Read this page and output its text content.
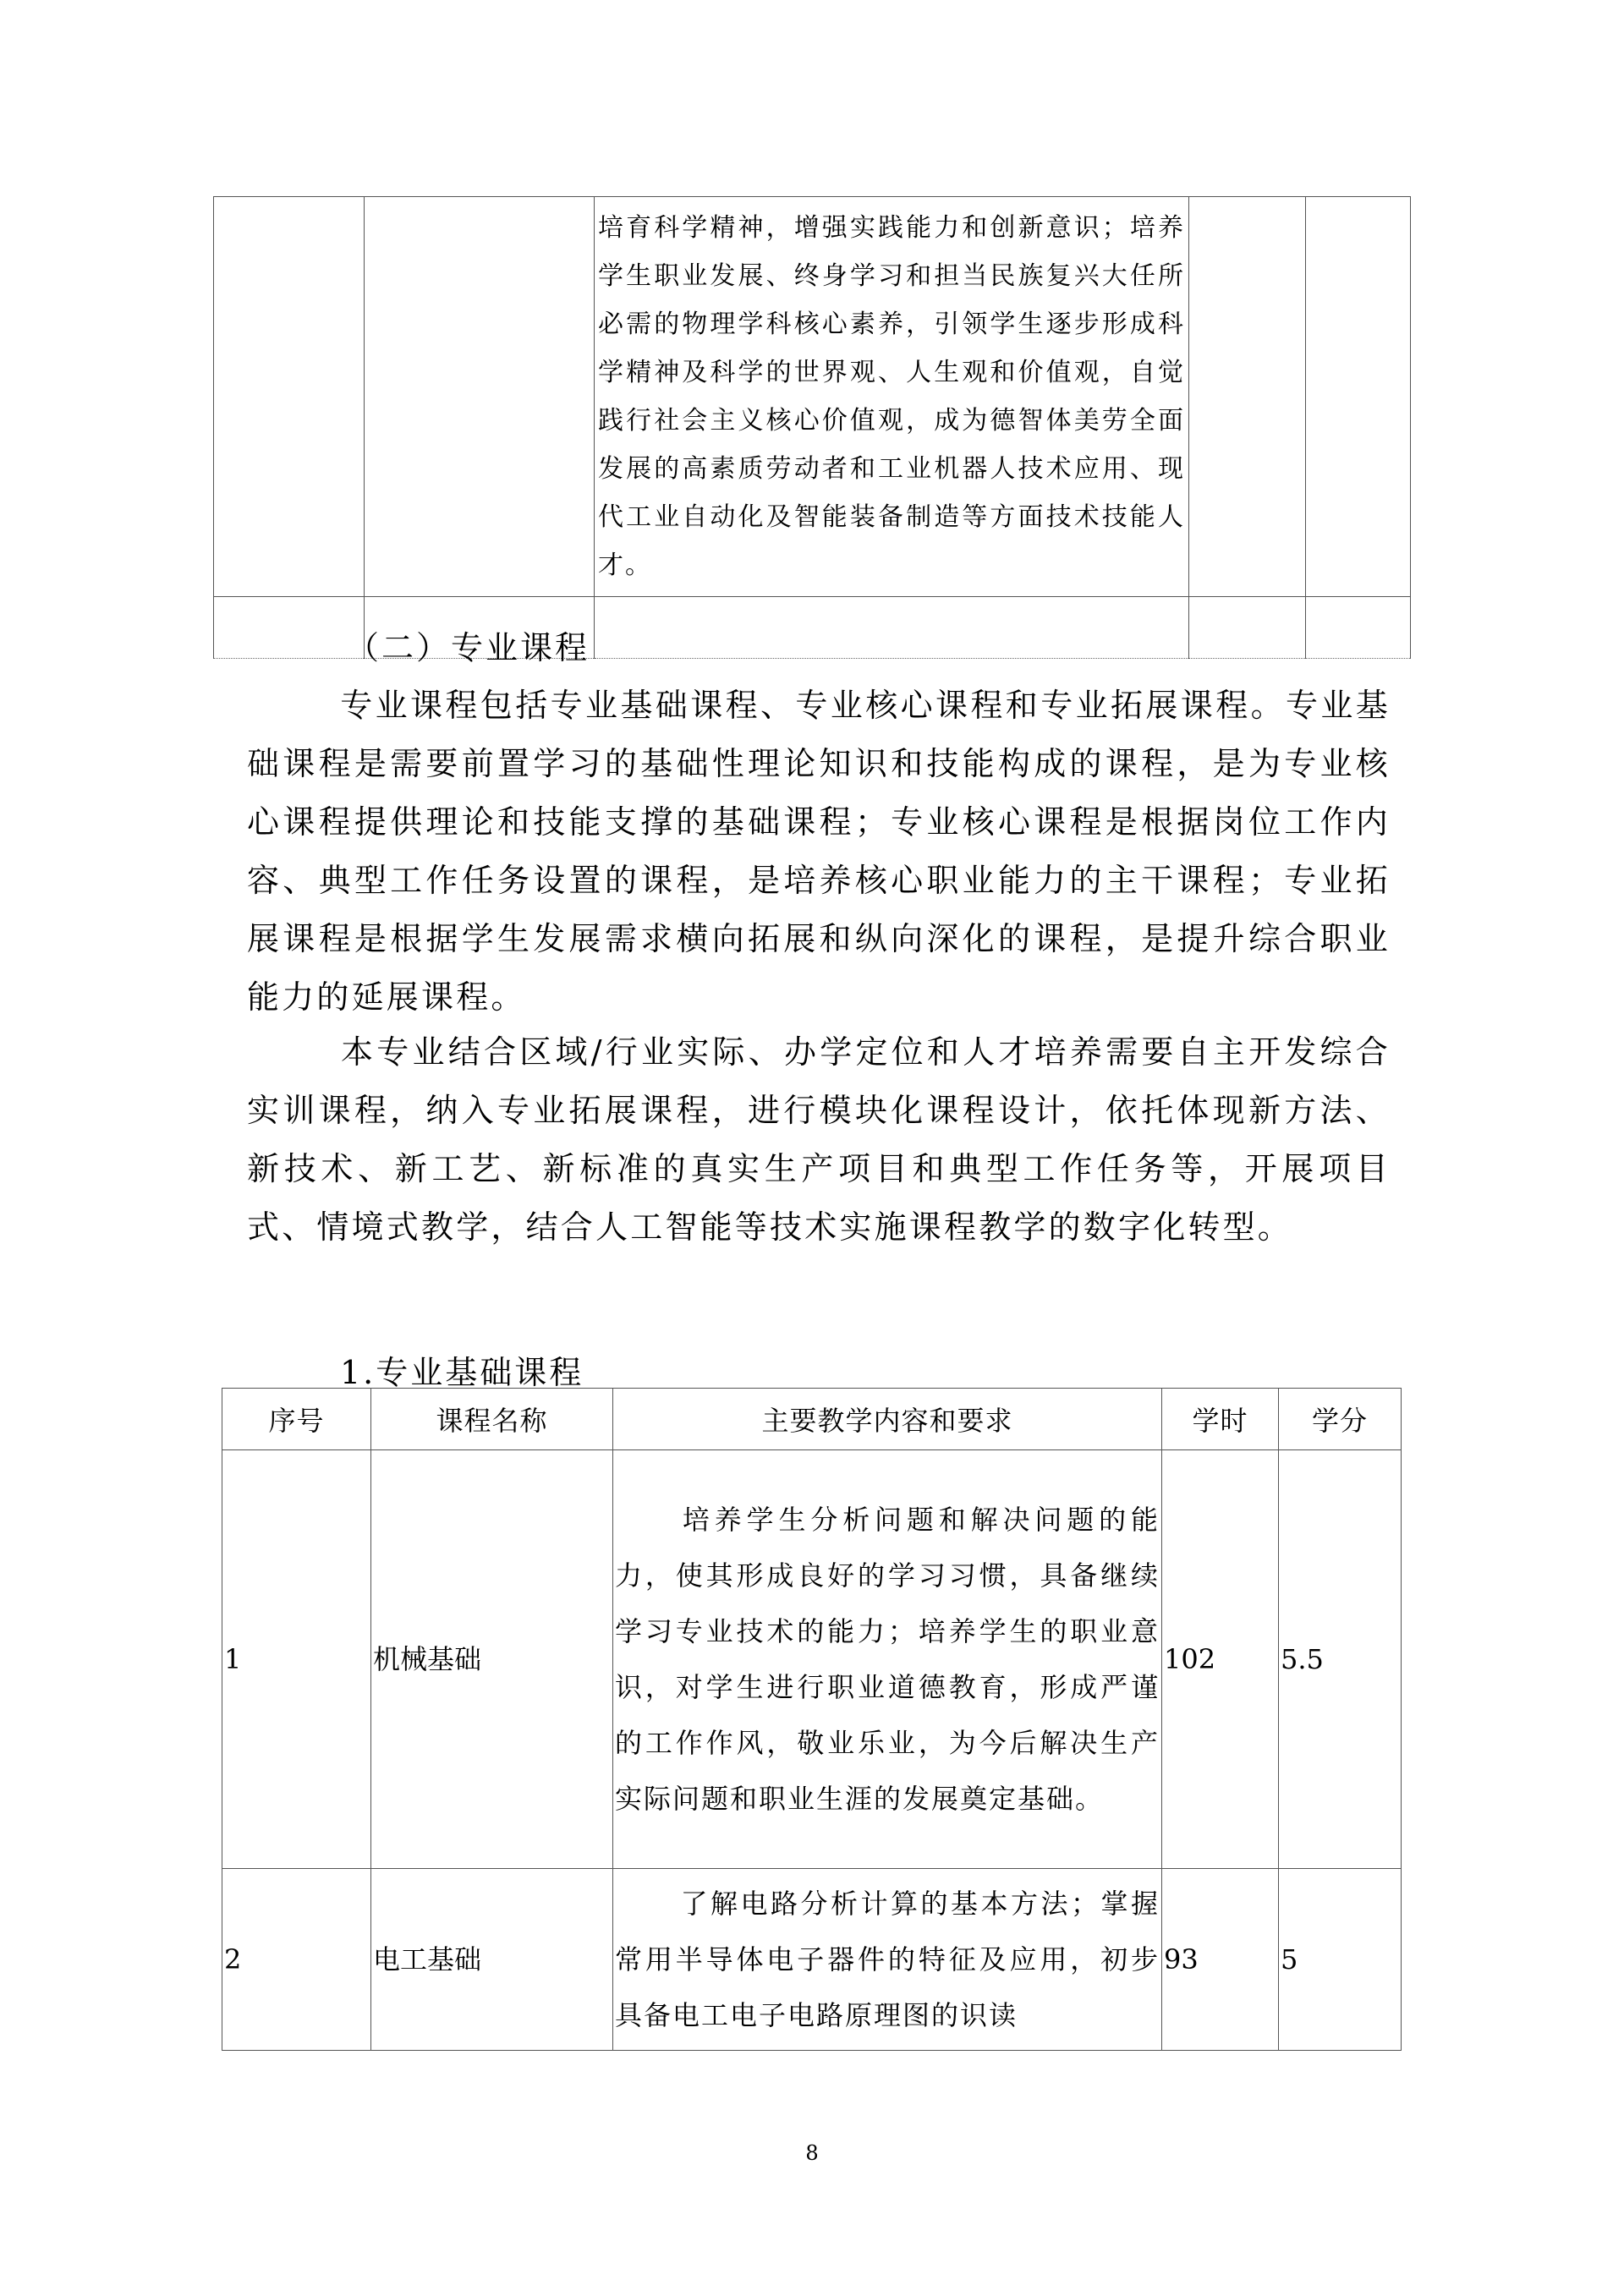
		培育科学精神，增强实践能力和创新意识；培养学生职业发展、终身学习和担当民族复兴大任所必需的物理学科核心素养，引领学生逐步形成科学精神及科学的世界观、人生观和价值观，自觉践行社会主义核心价值观，成为德智体美劳全面发展的高素质劳动者和工业机器人技术应用、现代工业自动化及智能装备制造等方面技术技能人才。		

（二）专业课程
专业课程包括专业基础课程、专业核心课程和专业拓展课程。专业基础课程是需要前置学习的基础性理论知识和技能构成的课程，是为专业核心课程提供理论和技能支撑的基础课程；专业核心课程是根据岗位工作内容、典型工作任务设置的课程，是培养核心职业能力的主干课程；专业拓展课程是根据学生发展需求横向拓展和纵向深化的课程，是提升综合职业能力的延展课程。
本专业结合区域/行业实际、办学定位和人才培养需要自主开发综合实训课程，纳入专业拓展课程，进行模块化课程设计，依托体现新方法、新技术、新工艺、新标准的真实生产项目和典型工作任务等，开展项目式、情境式教学，结合人工智能等技术实施课程教学的数字化转型。
1.专业基础课程
序号	课程名称	主要教学内容和要求	学时	学分
1	机械基础	培养学生分析问题和解决问题的能力，使其形成良好的学习习惯，具备继续学习专业技术的能力；培养学生的职业意识，对学生进行职业道德教育，形成严谨的工作作风，敬业乐业，为今后解决生产实际问题和职业生涯的发展奠定基础。	102	5.5
2	电工基础	了解电路分析计算的基本方法；掌握常用半导体电子器件的特征及应用，初步具备电工电子电路原理图的识读	93	5
8
